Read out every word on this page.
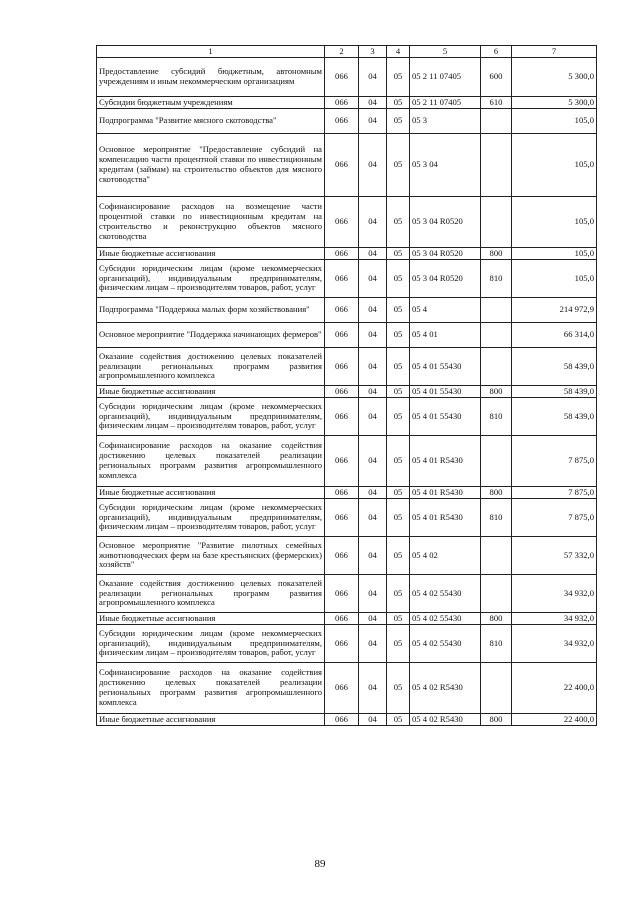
1	2	3	4	5	6	7
Предоставление субсидий бюджетным, автономным учреждениям и иным некоммерческим организациям	066	04	05	05 2 11 07405	600	5 300,0
Субсидии бюджетным учреждениям	066	04	05	05 2 11 07405	610	5 300,0
Подпрограмма "Развитие мясного скотоводства"	066	04	05	05 3		105,0
Основное мероприятие "Предоставление субсидий на компенсацию части процентной ставки по инвестиционным кредитам (займам) на строительство объектов для мясного скотоводства"	066	04	05	05 3 04		105,0
Софинансирование расходов на возмещение части процентной ставки по инвестиционным кредитам на строительство и реконструкцию объектов мясного скотоводства	066	04	05	05 3 04 R0520		105,0
Иные бюджетные ассигнования	066	04	05	05 3 04 R0520	800	105,0
Субсидии юридическим лицам (кроме некоммерческих организаций), индивидуальным предпринимателям, физическим лицам – производителям товаров, работ, услуг	066	04	05	05 3 04 R0520	810	105,0
Подпрограмма "Поддержка малых форм хозяйствования"	066	04	05	05 4		214 972,9
Основное мероприятие "Поддержка начинающих фермеров"	066	04	05	05 4 01		66 314,0
Оказание содействия достижению целевых показателей реализации региональных программ развития агропромышленного комплекса	066	04	05	05 4 01 55430		58 439,0
Иные бюджетные ассигнования	066	04	05	05 4 01 55430	800	58 439,0
Субсидии юридическим лицам (кроме некоммерческих организаций), индивидуальным предпринимателям, физическим лицам – производителям товаров, работ, услуг	066	04	05	05 4 01 55430	810	58 439,0
Софинансирование расходов на оказание содействия достижению целевых показателей реализации региональных программ развития агропромышленного комплекса	066	04	05	05 4 01 R5430		7 875,0
Иные бюджетные ассигнования	066	04	05	05 4 01 R5430	800	7 875,0
Субсидии юридическим лицам (кроме некоммерческих организаций), индивидуальным предпринимателям, физическим лицам – производителям товаров, работ, услуг	066	04	05	05 4 01 R5430	810	7 875,0
Основное мероприятие "Развитие пилотных семейных животноводческих ферм на базе крестьянских (фермерских) хозяйств"	066	04	05	05 4 02		57 332,0
Оказание содействия достижению целевых показателей реализации региональных программ развития агропромышленного комплекса	066	04	05	05 4 02 55430		34 932,0
Иные бюджетные ассигнования	066	04	05	05 4 02 55430	800	34 932,0
Субсидии юридическим лицам (кроме некоммерческих организаций), индивидуальным предпринимателям, физическим лицам – производителям товаров, работ, услуг	066	04	05	05 4 02 55430	810	34 932,0
Софинансирование расходов на оказание содействия достижению целевых показателей реализации региональных программ развития агропромышленного комплекса	066	04	05	05 4 02 R5430		22 400,0
Иные бюджетные ассигнования	066	04	05	05 4 02 R5430	800	22 400,0
89
